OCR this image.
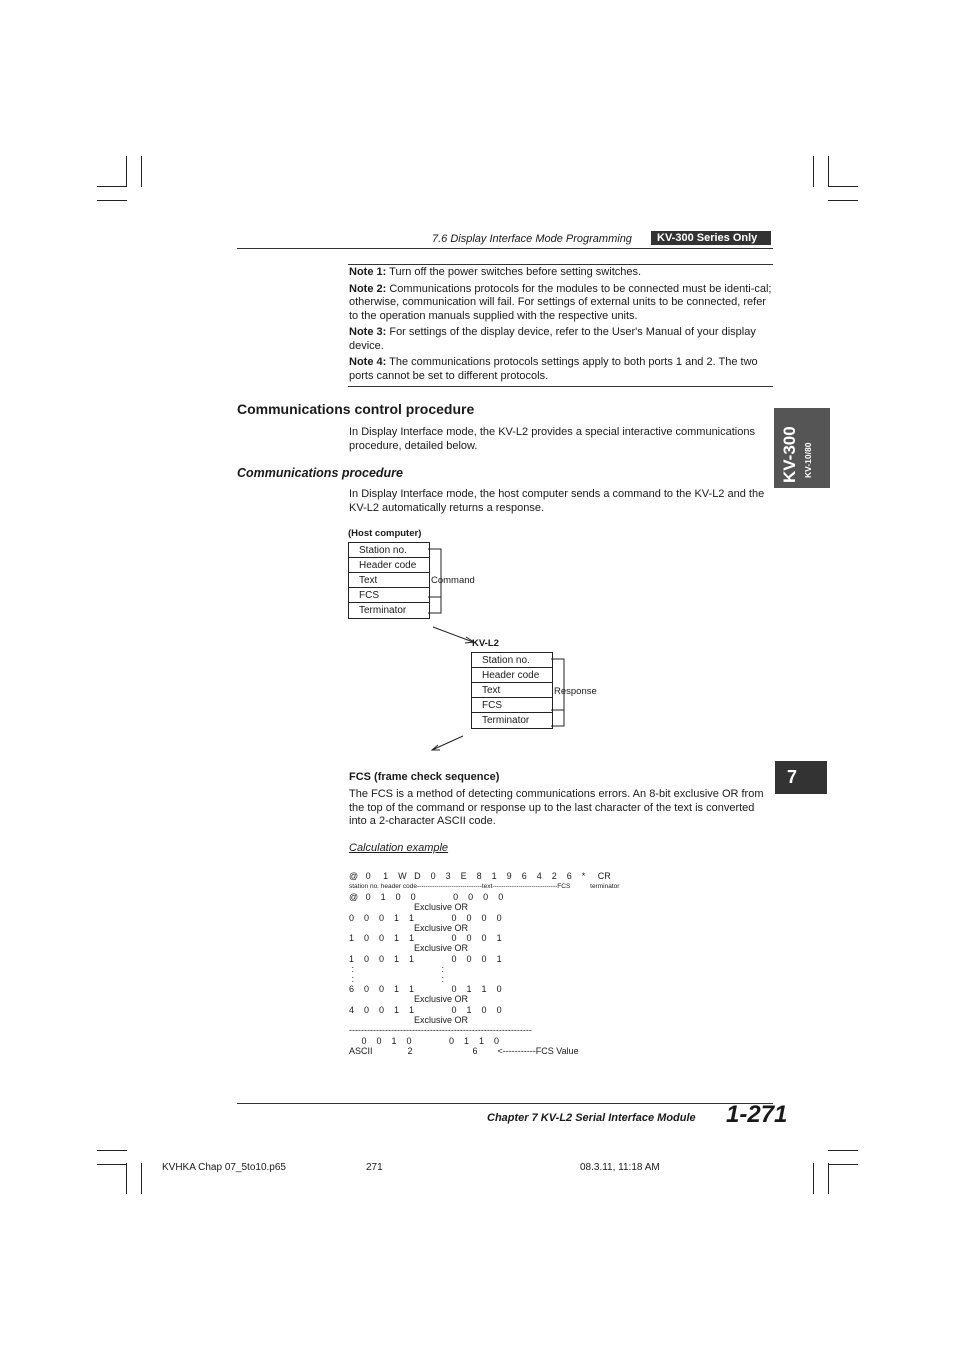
7.6 Display Interface Mode Programming	KV-300 Series Only
Note 1: Turn off the power switches before setting switches.
Note 2: Communications protocols for the modules to be connected must be identi-cal; otherwise, communication will fail. For settings of external units to be connected, refer to the operation manuals supplied with the respective units.
Note 3: For settings of the display device, refer to the User's Manual of your display device.
Note 4: The communications protocols settings apply to both ports 1 and 2. The two ports cannot be set to different protocols.
Communications control procedure
In Display Interface mode, the KV-L2 provides a special interactive communications procedure, detailed below.
Communications procedure
In Display Interface mode, the host computer sends a command to the KV-L2 and the KV-L2 automatically returns a response.
(Host computer)
Station no.
Header code
Text
FCS
Terminator
Command
KV-L2
Station no.
Header code
Text
FCS
Terminator
Response
FCS (frame check sequence)
The FCS is a method of detecting communications errors. An 8-bit exclusive OR from the top of the command or response up to the last character of the text is converted into a 2-character ASCII code.
Calculation example
@   0     1    W   D    0    3    E    8    1    9    6    4    2    6    *     CR
station no. header code------------------------------text------------------------------FCS           terminator
@   0    1    0    0               0    0    0    0
Exclusive OR
0    0    0    1    1               0    0    0    0
Exclusive OR
1    0    0    1    1               0    0    0    1
Exclusive OR
1    0    0    1    1               0    0    0    1
:                                   :
:                                   :
6    0    0    1    1               0    1    1    0
Exclusive OR
4    0    0    1    1               0    1    0    0
Exclusive OR
-------------------------------------------------------------
0    0    1    0               0    1    1    0
ASCII              2                        6        <-----------FCS Value
KV-300 KV-10/80
7
Chapter 7 KV-L2 Serial Interface Module 1-271
KVHKA Chap 07_5to10.p65	271	08.3.11, 11:18 AM
